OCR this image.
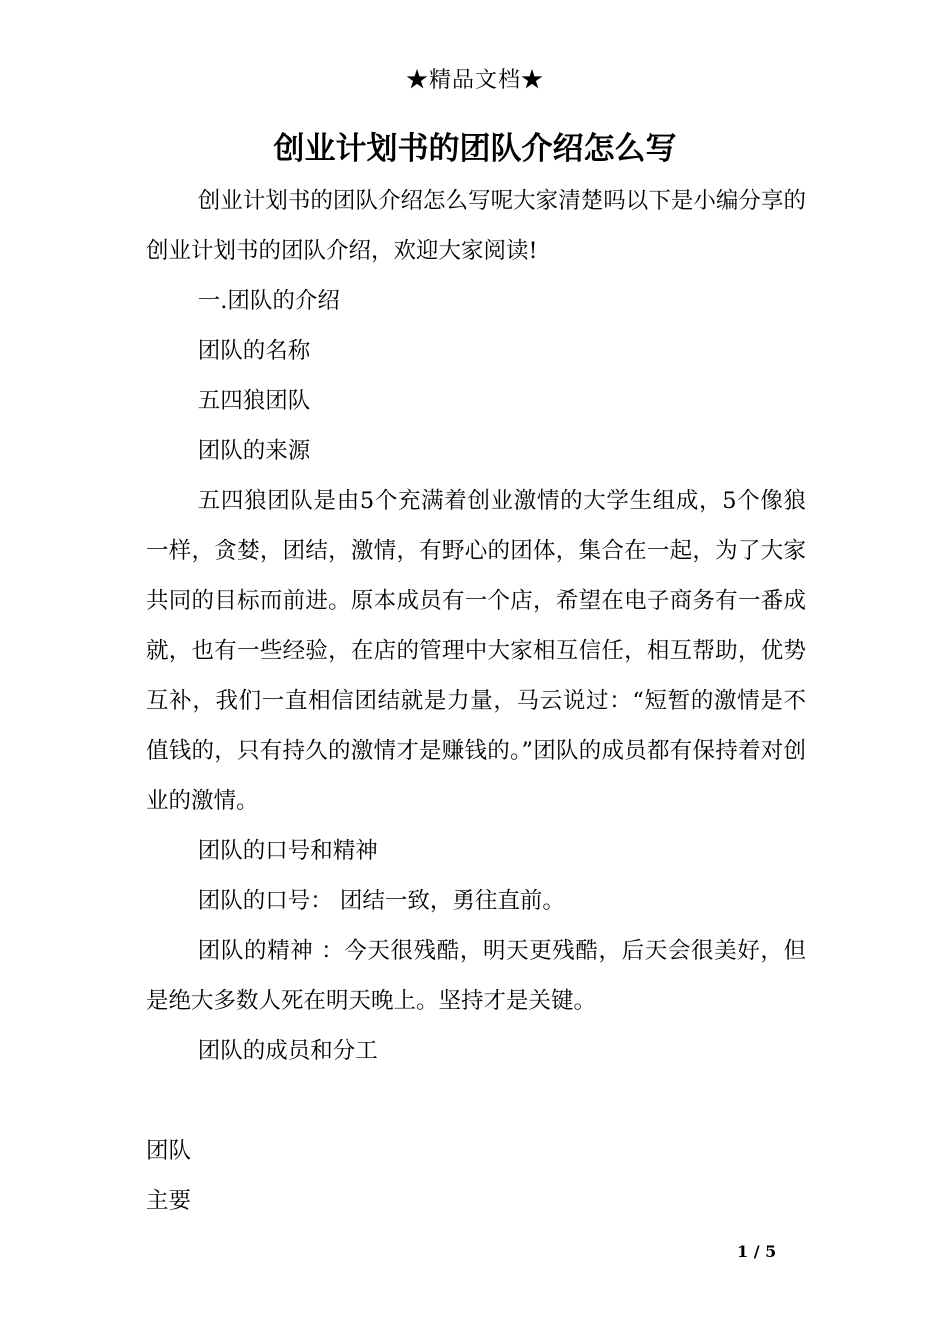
★精品文档★
创业计划书的团队介绍怎么写

创业计划书的团队介绍怎么写呢大家清楚吗以下是小编分享的创业计划书的团队介绍，欢迎大家阅读!

一.团队的介绍

团队的名称

五四狼团队

团队的来源

五四狼团队是由5个充满着创业激情的大学生组成，5个像狼一样，贪婪，团结，激情，有野心的团体，集合在一起，为了大家共同的目标而前进。原本成员有一个店，希望在电子商务有一番成就，也有一些经验，在店的管理中大家相互信任，相互帮助，优势互补，我们一直相信团结就是力量，马云说过：“短暂的激情是不值钱的，只有持久的激情才是赚钱的。”团队的成员都有保持着对创业的激情。

团队的口号和精神

团队的口号： 团结一致，勇往直前。

团队的精神 ：今天很残酷，明天更残酷，后天会很美好，但是绝大多数人死在明天晚上。坚持才是关键。

团队的成员和分工

团队

主要

1 / 5
